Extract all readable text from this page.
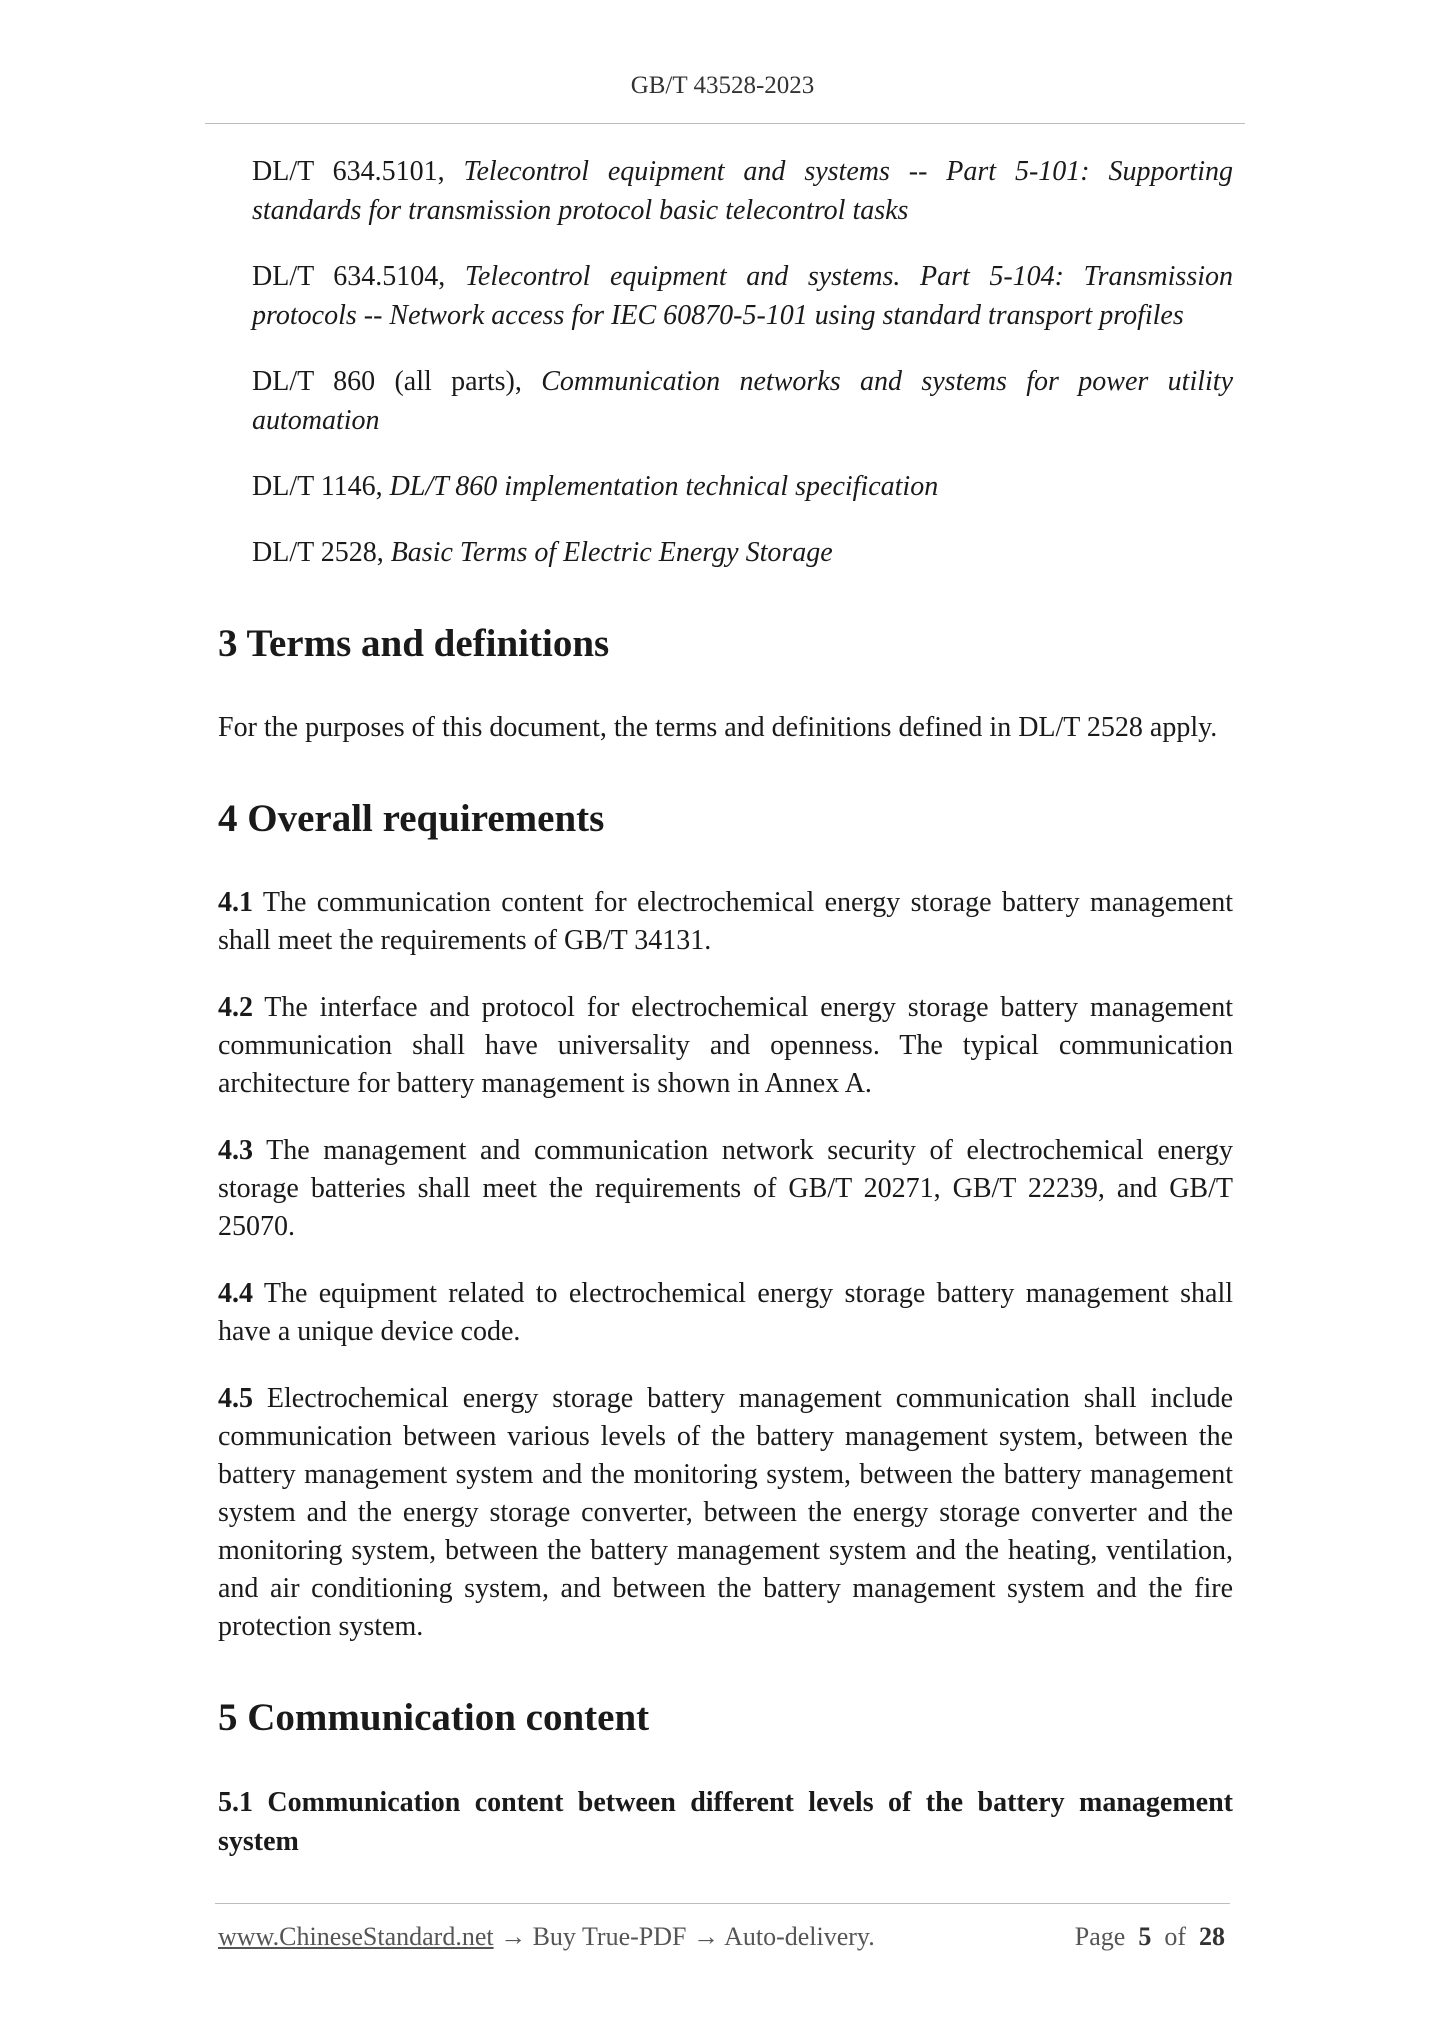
GB/T 43528-2023
DL/T 634.5101, Telecontrol equipment and systems -- Part 5-101: Supporting standards for transmission protocol basic telecontrol tasks
DL/T 634.5104, Telecontrol equipment and systems. Part 5-104: Transmission protocols -- Network access for IEC 60870-5-101 using standard transport profiles
DL/T 860 (all parts), Communication networks and systems for power utility automation
DL/T 1146, DL/T 860 implementation technical specification
DL/T 2528, Basic Terms of Electric Energy Storage
3 Terms and definitions

For the purposes of this document, the terms and definitions defined in DL/T 2528 apply.

4 Overall requirements

4.1 The communication content for electrochemical energy storage battery management shall meet the requirements of GB/T 34131.

4.2 The interface and protocol for electrochemical energy storage battery management communication shall have universality and openness. The typical communication architecture for battery management is shown in Annex A.

4.3 The management and communication network security of electrochemical energy storage batteries shall meet the requirements of GB/T 20271, GB/T 22239, and GB/T 25070.

4.4 The equipment related to electrochemical energy storage battery management shall have a unique device code.

4.5 Electrochemical energy storage battery management communication shall include communication between various levels of the battery management system, between the battery management system and the monitoring system, between the battery management system and the energy storage converter, between the energy storage converter and the monitoring system, between the battery management system and the heating, ventilation, and air conditioning system, and between the battery management system and the fire protection system.

5 Communication content
5.1 Communication content between different levels of the battery management system
www.ChineseStandard.net → Buy True-PDF → Auto-delivery.	Page 5 of 28
